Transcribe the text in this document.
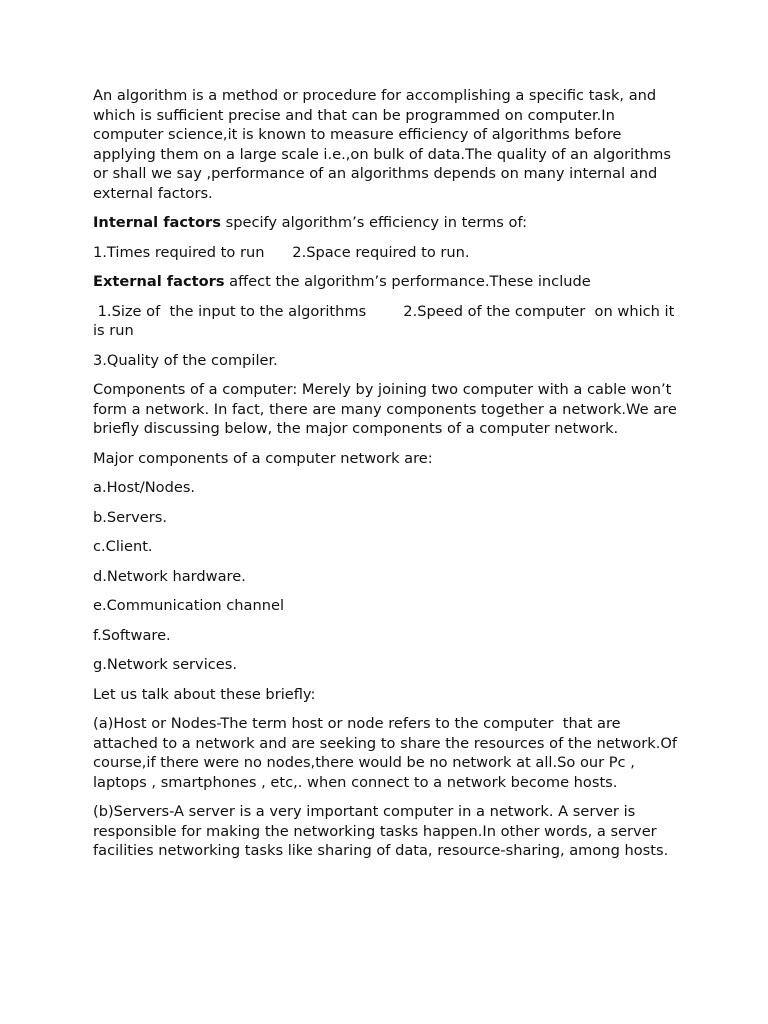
An algorithm is a method or procedure for accomplishing a specific task, and which is sufficient precise and that can be programmed on computer.In computer science,it is known to measure efficiency of algorithms before applying them on a large scale i.e.,on bulk of data.The quality of an algorithms or shall we say ,performance of an algorithms depends on many internal and external factors.

Internal factors specify algorithm’s efficiency in terms of:

1.Times required to run      2.Space required to run.

External factors affect the algorithm’s performance.These include

1.Size of  the input to the algorithms        2.Speed of the computer  on which it is run

3.Quality of the compiler.

Components of a computer: Merely by joining two computer with a cable won’t form a network. In fact, there are many components together a network.We are briefly discussing below, the major components of a computer network.

Major components of a computer network are:

a.Host/Nodes.

b.Servers.

c.Client.

d.Network hardware.

e.Communication channel

f.Software.

g.Network services.

Let us talk about these briefly:

(a)Host or Nodes-The term host or node refers to the computer  that are attached to a network and are seeking to share the resources of the network.Of course,if there were no nodes,there would be no network at all.So our Pc , laptops , smartphones , etc,. when connect to a network become hosts.

(b)Servers-A server is a very important computer in a network. A server is responsible for making the networking tasks happen.In other words, a server facilities networking tasks like sharing of data, resource-sharing, among hosts.
